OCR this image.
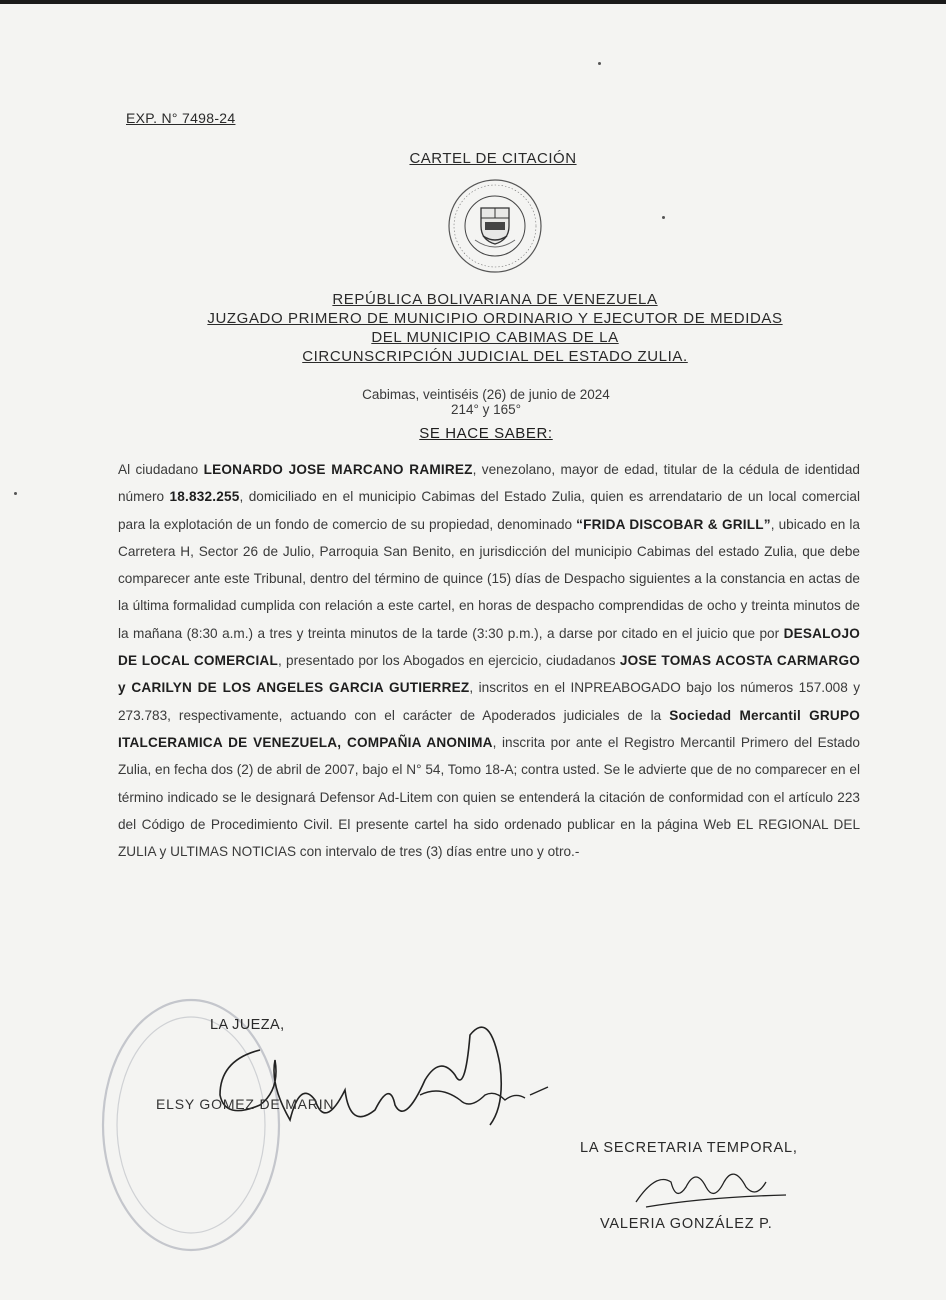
EXP. N° 7498-24
CARTEL DE CITACIÓN
REPÚBLICA BOLIVARIANA DE VENEZUELA
JUZGADO PRIMERO DE MUNICIPIO ORDINARIO Y EJECUTOR DE MEDIDAS
DEL MUNICIPIO CABIMAS DE LA
CIRCUNSCRIPCIÓN JUDICIAL DEL ESTADO ZULIA.
Cabimas, veintiséis (26) de junio de 2024
214° y 165°
SE HACE SABER:
Al ciudadano LEONARDO JOSE MARCANO RAMIREZ, venezolano, mayor de edad, titular de la cédula de identidad número 18.832.255, domiciliado en el municipio Cabimas del Estado Zulia, quien es arrendatario de un local comercial para la explotación de un fondo de comercio de su propiedad, denominado “FRIDA DISCOBAR & GRILL”, ubicado en la Carretera H, Sector 26 de Julio, Parroquia San Benito, en jurisdicción del municipio Cabimas del estado Zulia, que debe comparecer ante este Tribunal, dentro del término de quince (15) días de Despacho siguientes a la constancia en actas de la última formalidad cumplida con relación a este cartel, en horas de despacho comprendidas de ocho y treinta minutos de la mañana (8:30 a.m.) a tres y treinta minutos de la tarde (3:30 p.m.), a darse por citado en el juicio que por DESALOJO DE LOCAL COMERCIAL, presentado por los Abogados en ejercicio, ciudadanos JOSE TOMAS ACOSTA CARMARGO y CARILYN DE LOS ANGELES GARCIA GUTIERREZ, inscritos en el INPREABOGADO bajo los números 157.008 y 273.783, respectivamente, actuando con el carácter de Apoderados judiciales de la Sociedad Mercantil GRUPO ITALCERAMICA DE VENEZUELA, COMPAÑIA ANONIMA, inscrita por ante el Registro Mercantil Primero del Estado Zulia, en fecha dos (2) de abril de 2007, bajo el N° 54, Tomo 18-A; contra usted. Se le advierte que de no comparecer en el término indicado se le designará Defensor Ad-Litem con quien se entenderá la citación de conformidad con el artículo 223 del Código de Procedimiento Civil. El presente cartel ha sido ordenado publicar en la página Web EL REGIONAL DEL ZULIA y ULTIMAS NOTICIAS con intervalo de tres (3) días entre uno y otro.-
LA JUEZA,
ELSY GOMEZ DE MARIN
LA SECRETARIA TEMPORAL,
VALERIA GONZÁLEZ P.
